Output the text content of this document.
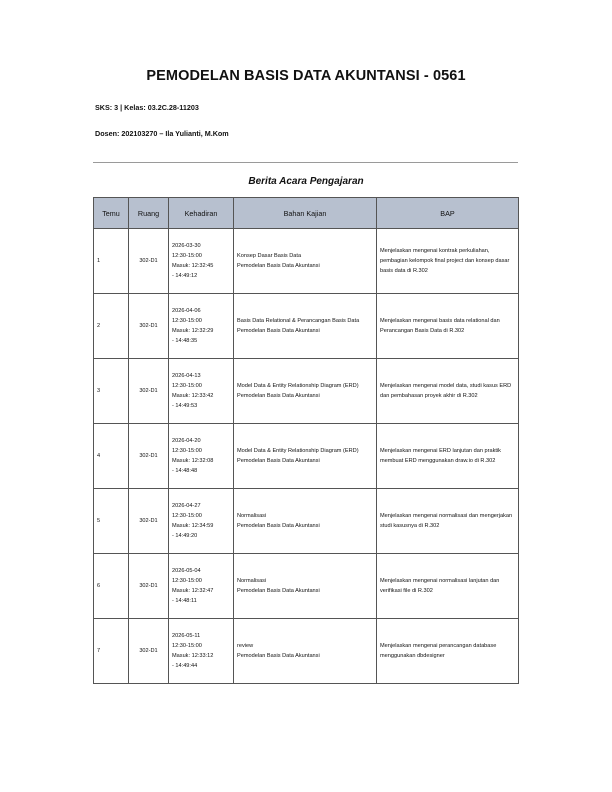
PEMODELAN BASIS DATA AKUNTANSI - 0561
SKS: 3 | Kelas: 03.2C.28-11203
Dosen: 202103270 – Ila Yulianti, M.Kom
Berita Acara Pengajaran
Temu	Ruang	Kehadiran	Bahan Kajian	BAP
1	302-D1	2026-03-30
12:30-15:00
Masuk: 12:32:45
- 14:49:12	Konsep Dasar Basis Data
Pemodelan Basis Data Akuntansi	Menjelaskan mengenai kontrak perkuliahan, pembagian kelompok final project dan konsep dasar basis data di R.302
2	302-D1	2026-04-06
12:30-15:00
Masuk: 12:32:29
- 14:48:35	Basis Data Relational & Perancangan Basis Data
Pemodelan Basis Data Akuntansi	Menjelaskan mengenai basis data relational dan Perancangan Basis Data di R.302
3	302-D1	2026-04-13
12:30-15:00
Masuk: 12:33:42
- 14:49:53	Model Data & Entity Relationship Diagram (ERD)
Pemodelan Basis Data Akuntansi	Menjelaskan mengenai model data, studi kasus ERD dan pembahasan proyek akhir di R.302
4	302-D1	2026-04-20
12:30-15:00
Masuk: 12:32:08
- 14:48:48	Model Data & Entity Relationship Diagram (ERD)
Pemodelan Basis Data Akuntansi	Menjelaskan mengenai ERD lanjutan dan praktik membuat ERD menggunakan draw.io di R.302
5	302-D1	2026-04-27
12:30-15:00
Masuk: 12:34:59
- 14:49:20	Normalisasi
Pemodelan Basis Data Akuntansi	Menjelaskan mengenai normalisasi dan mengerjakan studi kasusnya di R.302
6	302-D1	2026-05-04
12:30-15:00
Masuk: 12:32:47
- 14:48:11	Normalisasi
Pemodelan Basis Data Akuntansi	Menjelaskan mengenai normalisasi lanjutan dan verifikasi file di R.302
7	302-D1	2026-05-11
12:30-15:00
Masuk: 12:33:12
- 14:49:44	review
Pemodelan Basis Data Akuntansi	Menjelaskan mengenai perancangan database menggunakan dbdesigner
